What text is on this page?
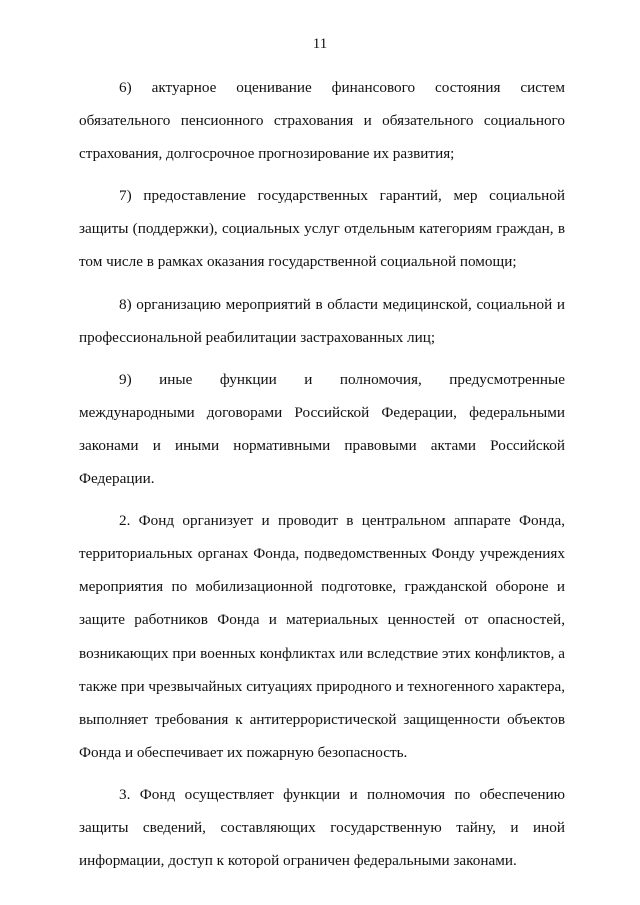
11

6) актуарное оценивание финансового состояния систем обязательного пенсионного страхования и обязательного социального страхования, долгосрочное прогнозирование их развития;

7) предоставление государственных гарантий, мер социальной защиты (поддержки), социальных услуг отдельным категориям граждан, в том числе в рамках оказания государственной социальной помощи;

8) организацию мероприятий в области медицинской, социальной и профессиональной реабилитации застрахованных лиц;

9) иные функции и полномочия, предусмотренные международными договорами Российской Федерации, федеральными законами и иными нормативными правовыми актами Российской Федерации.

2. Фонд организует и проводит в центральном аппарате Фонда, территориальных органах Фонда, подведомственных Фонду учреждениях мероприятия по мобилизационной подготовке, гражданской обороне и защите работников Фонда и материальных ценностей от опасностей, возникающих при военных конфликтах или вследствие этих конфликтов, а также при чрезвычайных ситуациях природного и техногенного характера, выполняет требования к антитеррористической защищенности объектов Фонда и обеспечивает их пожарную безопасность.

3. Фонд осуществляет функции и полномочия по обеспечению защиты сведений, составляющих государственную тайну, и иной информации, доступ к которой ограничен федеральными законами.
